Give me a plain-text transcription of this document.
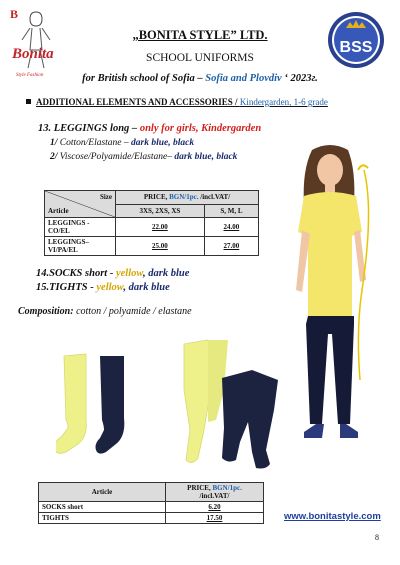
B
Bonita
Style Fashion
BSS
„BONITA STYLE” LTD.
SCHOOL UNIFORMS
for British school of Sofia – Sofia and Plovdiv ‘ 2023г.
ADDITIONAL ELEMENTS AND ACCESSORIES / Kindergarden, 1-6 grade
13. LEGGINGS long – only for girls, Kindergarden
1/ Cotton/Elastane – dark blue, black
2/ Viscose/Polyamide/Elastane– dark blue, black
Size
Article	PRICE, BGN/1pc. /incl.VAT/	
	3XS, 2XS, XS	S, M, L
LEGGINGS - CO/EL	22.00	24.00
LEGGINGS–VI/PA/EL	25.00	27.00
14.SOCKS short - yellow, dark blue
15.TIGHTS - yellow, dark blue
Composition: cotton / polyamide / elastane
Article	PRICE, BGN/1pc.
/incl.VAT/
SOCKS short	6.20
TIGHTS	17.50	www.bonitastyle.com
8
